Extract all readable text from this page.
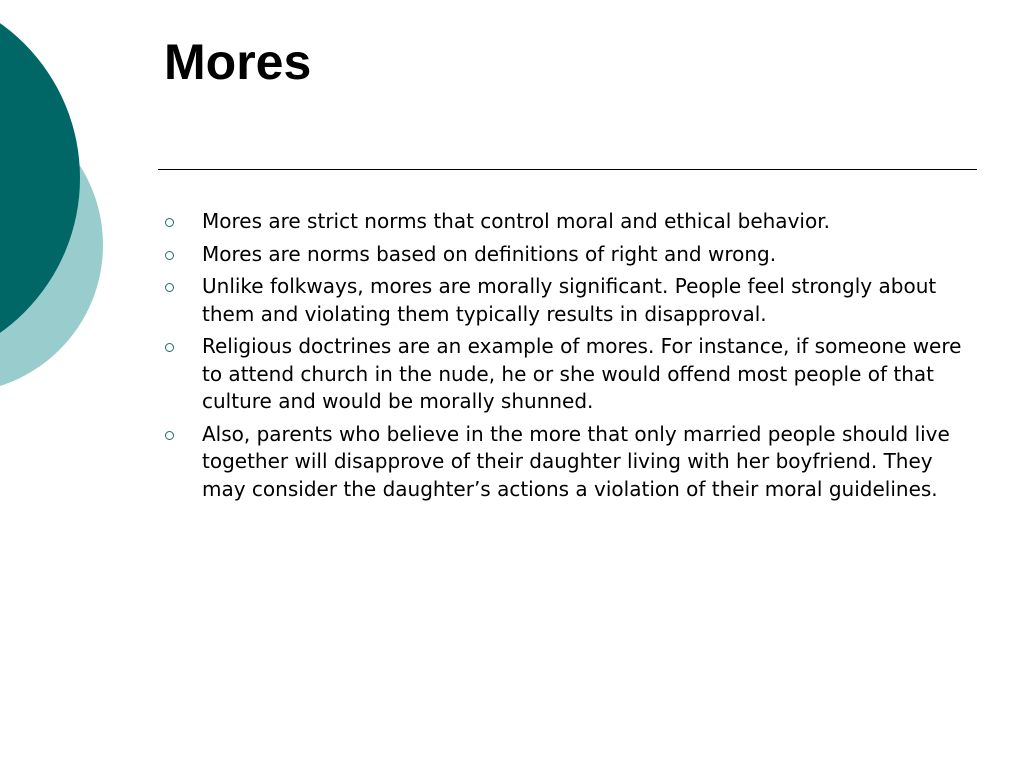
Mores
Mores are strict norms that control moral and ethical behavior.
Mores are norms based on definitions of right and wrong.
Unlike folkways, mores are morally significant. People feel strongly about them and violating them typically results in disapproval.
Religious doctrines are an example of mores. For instance, if someone were to attend church in the nude, he or she would offend most people of that culture and would be morally shunned.
Also, parents who believe in the more that only married people should live together will disapprove of their daughter living with her boyfriend. They may consider the daughter’s actions a violation of their moral guidelines.
